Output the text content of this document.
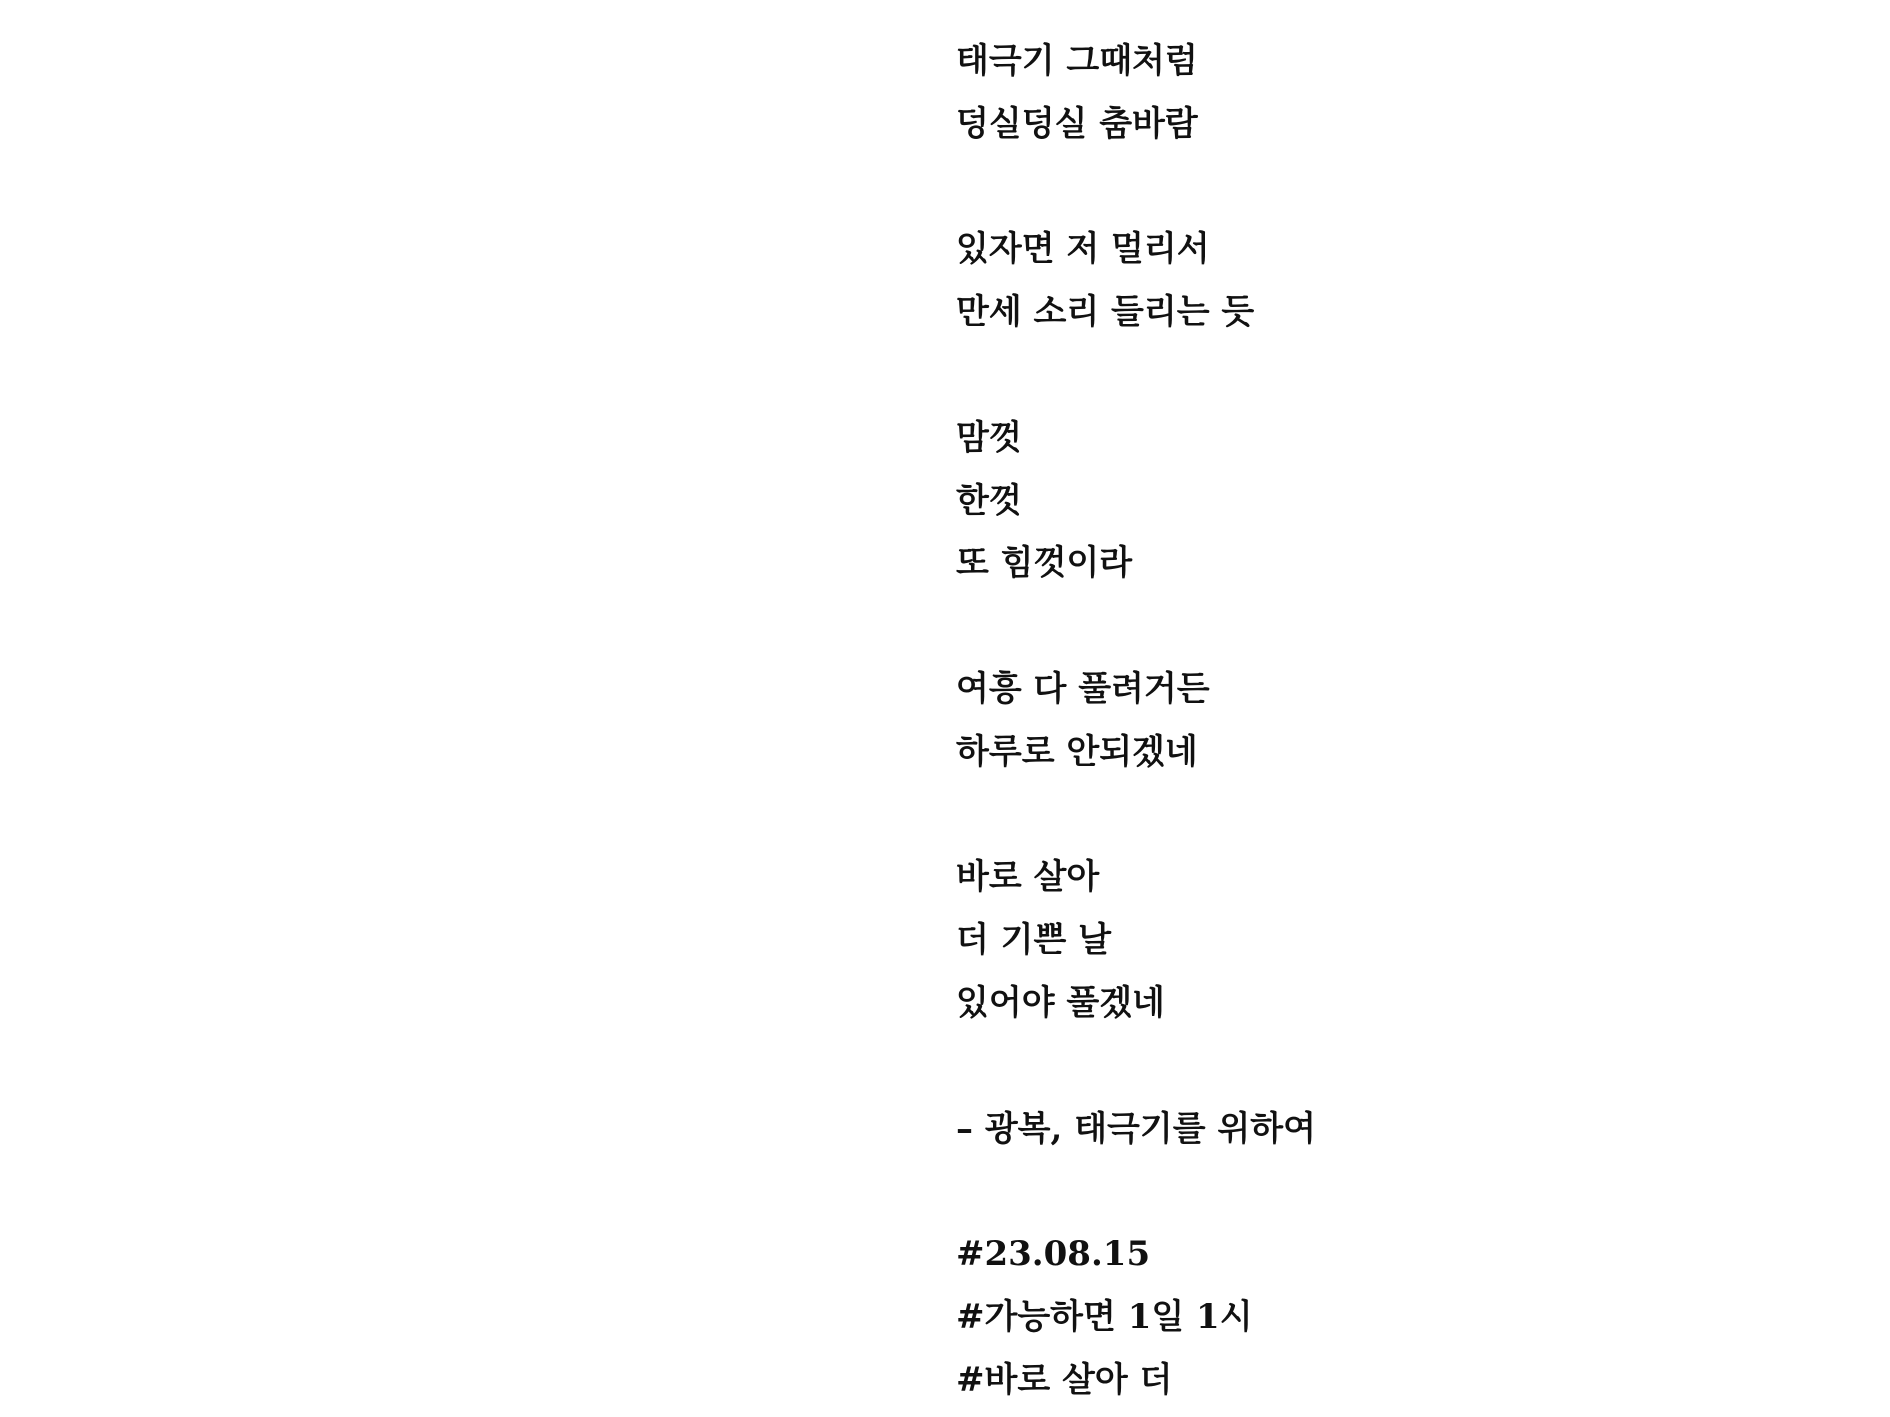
태극기 그때처럼

덩실덩실 춤바람

있자면 저 멀리서

만세 소리 들리는 듯

맘껏

한껏

또 힘껏이라

여흥 다 풀려거든

하루로 안되겠네

바로 살아

더 기쁜 날

있어야 풀겠네

– 광복, 태극기를 위하여

#23.08.15

#가능하면 1일 1시

#바로 살아 더
